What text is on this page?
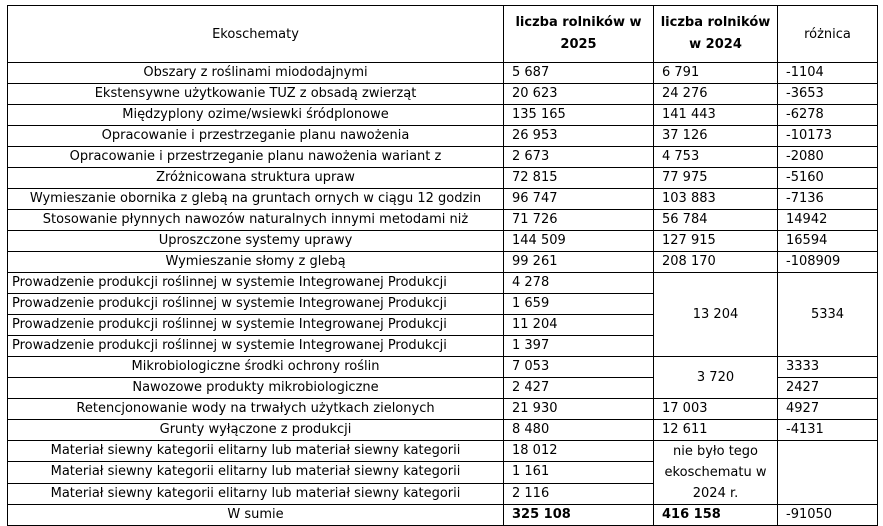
Ekoschematy	liczba rolników w 2025	liczba rolników w 2024	różnica
Obszary z roślinami miododajnymi	5 687	6 791	-1104
Ekstensywne użytkowanie TUZ z obsadą zwierząt	20 623	24 276	-3653
Międzyplony ozime/wsiewki śródplonowe	135 165	141 443	-6278
Opracowanie i przestrzeganie planu nawożenia	26 953	37 126	-10173
Opracowanie i przestrzeganie planu nawożenia wariant z	2 673	4 753	-2080
Zróżnicowana struktura upraw	72 815	77 975	-5160
Wymieszanie obornika z glebą na gruntach ornych w ciągu 12 godzin	96 747	103 883	-7136
Stosowanie płynnych nawozów naturalnych innymi metodami niż	71 726	56 784	14942
Uproszczone systemy uprawy	144 509	127 915	16594
Wymieszanie słomy z glebą	99 261	208 170	-108909
Prowadzenie produkcji roślinnej w systemie Integrowanej Produkcji	4 278	13 204	5334
Prowadzenie produkcji roślinnej w systemie Integrowanej Produkcji	1 659		
Prowadzenie produkcji roślinnej w systemie Integrowanej Produkcji	11 204		
Prowadzenie produkcji roślinnej w systemie Integrowanej Produkcji	1 397		
Mikrobiologiczne środki ochrony roślin	7 053	3 720	3333
Nawozowe produkty mikrobiologiczne	2 427		2427
Retencjonowanie wody na trwałych użytkach zielonych	21 930	17 003	4927
Grunty wyłączone z produkcji	8 480	12 611	-4131
Materiał siewny kategorii elitarny lub materiał siewny kategorii	18 012	nie było tego ekoschematu w 2024 r.	
Materiał siewny kategorii elitarny lub materiał siewny kategorii	1 161		
Materiał siewny kategorii elitarny lub materiał siewny kategorii	2 116		
W sumie	325 108	416 158	-91050
